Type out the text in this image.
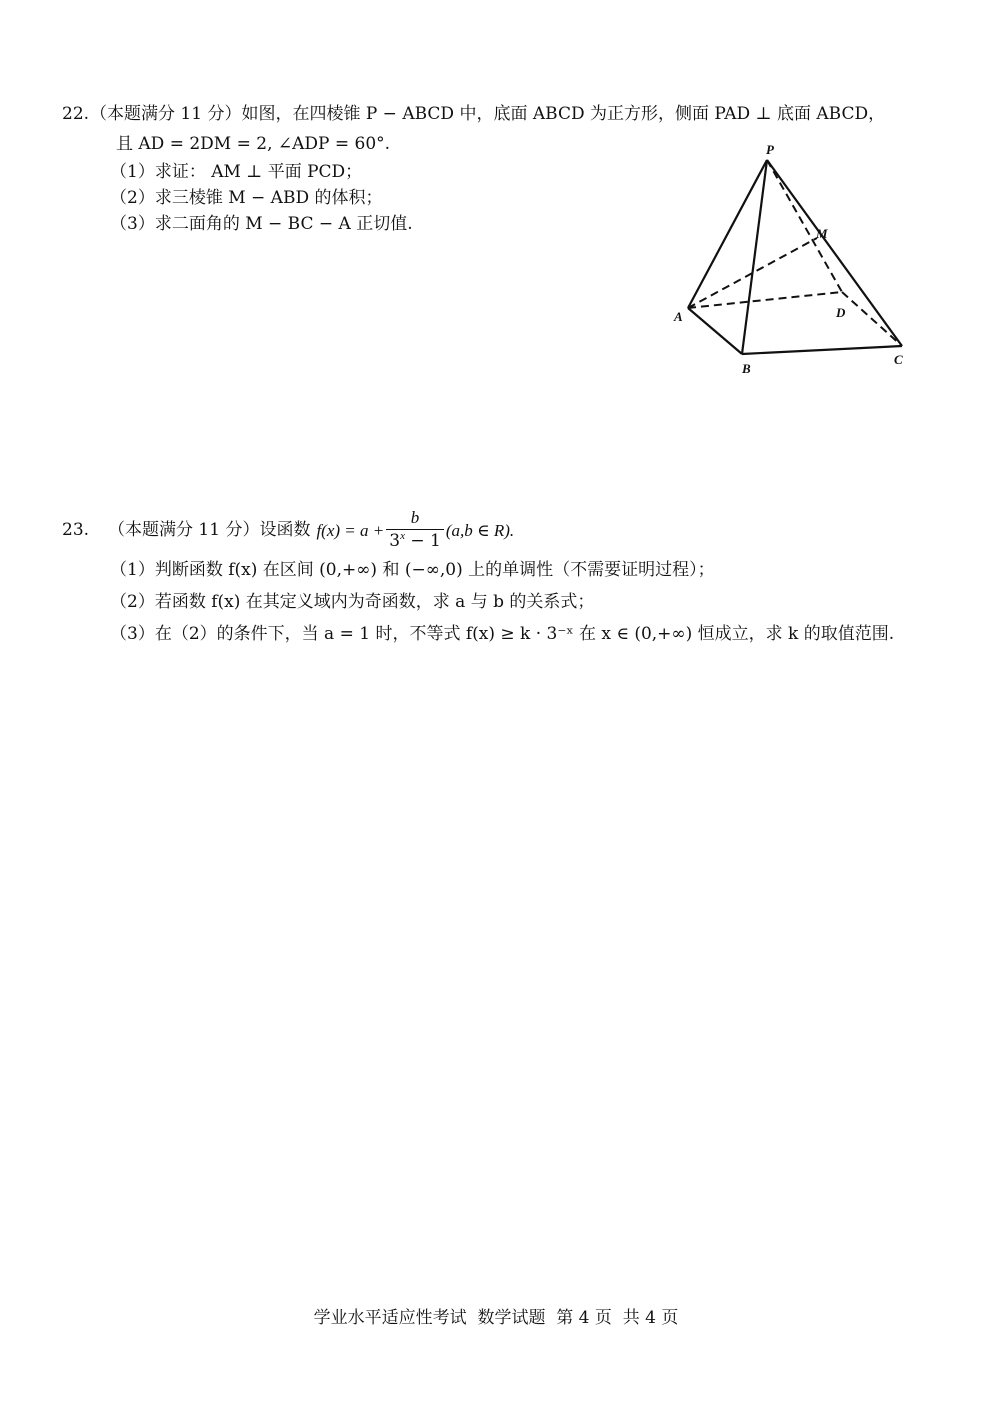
22. （本题满分 11 分）如图，在四棱锥 P − ABCD 中，底面 ABCD 为正方形，侧面 PAD ⊥ 底面 ABCD，
且 AD = 2DM = 2, ∠ADP = 60°.
（1）求证： AM ⊥ 平面 PCD；
（2）求三棱锥 M − ABD 的体积；
（3）求二面角的 M − BC − A 正切值.
P
M
A	D
B
C
23. （本题满分 11 分）设函数 $f(x) = a + \frac{b}{3^x - 1} (a,b$ ∈ R).
（1）判断函数 f(x) 在区间 (0,+∞) 和 (−∞,0) 上的单调性（不需要证明过程）；
（2）若函数 f(x) 在其定义域内为奇函数，求 a 与 b 的关系式；
（3）在（2）的条件下，当 a = 1 时，不等式 f(x) ≥ k · 3⁻ˣ 在 x ∈ (0,+∞) 恒成立，求 k 的取值范围.
学业水平适应性考试  数学试题  第 4 页  共 4 页
